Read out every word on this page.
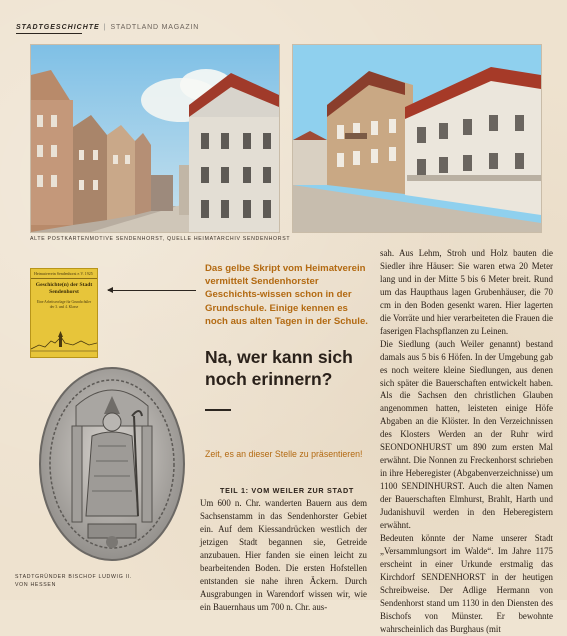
STADTGESCHICHTE | STADTLAND MAGAZIN
ALTE POSTKARTENMOTIVE SENDENHORST, QUELLE HEIMATARCHIV SENDENHORST
Heimatverein Sendenhorst e.V. 1925
Geschichte(n) der Stadt Sendenhorst
Eine Arbeitsvorlage für Grundschüler der 3. und 4. Klasse
Das gelbe Skript vom Heimatverein vermittelt Sendenhorster Geschichts-wissen schon in der Grundschule. Einige kennen es noch aus alten Tagen in der Schule.
Na, wer kann sich noch erinnern?
Zeit, es an dieser Stelle zu präsentieren!
STADTGRÜNDER BISCHOF LUDWIG II. VON HESSEN
TEIL 1: VOM WEILER ZUR STADT

Um 600 n. Chr. wanderten Bauern aus dem Sachsenstamm in das Sendenhorster Gebiet ein. Auf dem Kiessandrücken westlich der jetzigen Stadt begannen sie, Getreide anzubauen. Hier fanden sie einen leicht zu bearbeitenden Boden. Die ersten Hofstellen entstanden sie nahe ihren Äckern. Durch Ausgrabungen in Warendorf wissen wir, wie ein Bauernhaus um 700 n. Chr. aus-

sah. Aus Lehm, Stroh und Holz bauten die Siedler ihre Häuser: Sie waren etwa 20 Meter lang und in der Mitte 5 bis 6 Meter breit. Rund um das Haupthaus lagen Grubenhäuser, die 70 cm in den Boden gesenkt waren. Hier lagerten die Vorräte und hier verarbeiteten die Frauen die faserigen Flachspflanzen zu Leinen.

Die Siedlung (auch Weiler genannt) bestand damals aus 5 bis 6 Höfen. In der Umgebung gab es noch weitere kleine Siedlungen, aus denen sich später die Bauerschaften entwickelt haben. Als die Sachsen den christlichen Glauben angenommen hatten, leisteten einige Höfe Abgaben an die Klöster. In den Verzeichnissen des Klosters Werden an der Ruhr wird SEONDONHURST um 890 zum ersten Mal erwähnt. Die Nonnen zu Freckenhorst schrieben in ihre Heberegister (Abgabenverzeichnisse) um 1100 SENDINHURST. Auch die alten Namen der Bauerschaften Elmhurst, Brahlt, Harth und Judanishuvil werden in den Heberegistern erwähnt.

Bedeuten könnte der Name unserer Stadt „Versammlungsort im Walde“. Im Jahre 1175 erscheint in einer Urkunde erstmalig das Kirchdorf SENDENHORST in der heutigen Schreibweise. Der Adlige Hermann von Sendenhorst stand um 1130 in den Diensten des Bischofs von Münster. Er bewohnte wahrscheinlich das Burghaus (mit
